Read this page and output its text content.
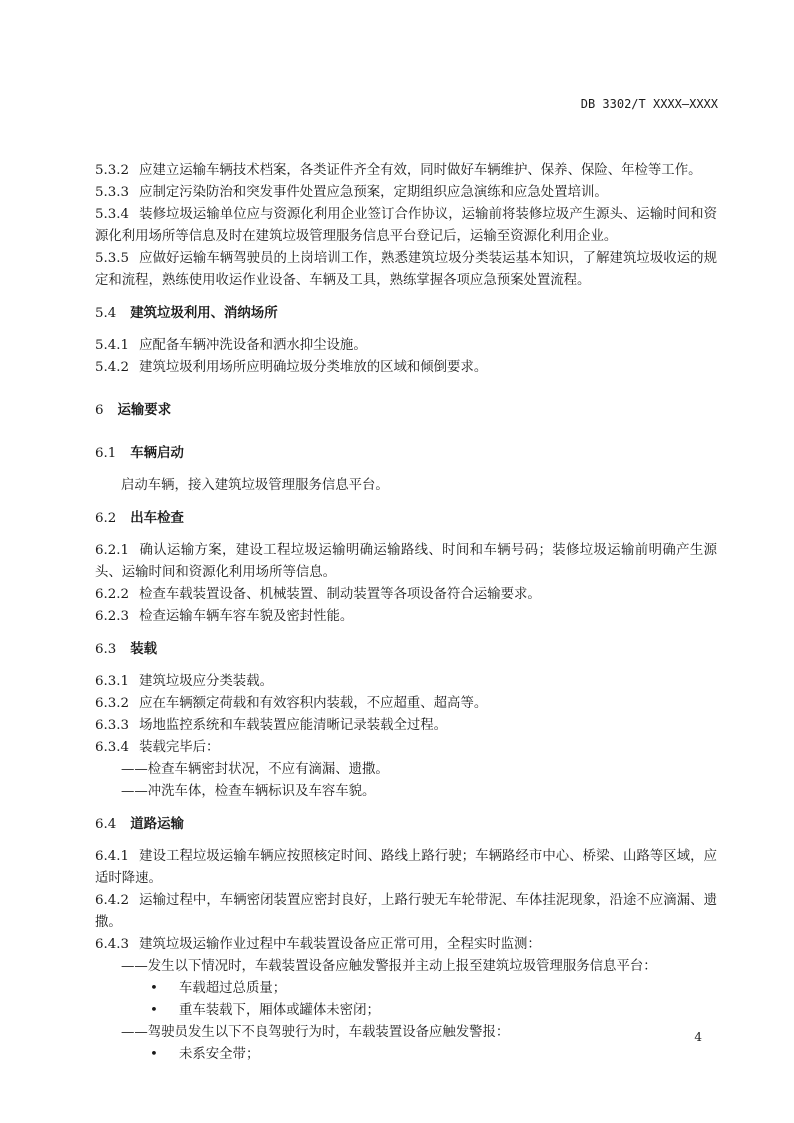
DB 3302/T XXXX—XXXX
5.3.2 应建立运输车辆技术档案，各类证件齐全有效，同时做好车辆维护、保养、保险、年检等工作。
5.3.3 应制定污染防治和突发事件处置应急预案，定期组织应急演练和应急处置培训。
5.3.4 装修垃圾运输单位应与资源化利用企业签订合作协议，运输前将装修垃圾产生源头、运输时间和资源化利用场所等信息及时在建筑垃圾管理服务信息平台登记后，运输至资源化利用企业。
5.3.5 应做好运输车辆驾驶员的上岗培训工作，熟悉建筑垃圾分类装运基本知识，了解建筑垃圾收运的规定和流程，熟练使用收运作业设备、车辆及工具，熟练掌握各项应急预案处置流程。
5.4 建筑垃圾利用、消纳场所
5.4.1 应配备车辆冲洗设备和洒水抑尘设施。
5.4.2 建筑垃圾利用场所应明确垃圾分类堆放的区域和倾倒要求。
6 运输要求
6.1 车辆启动
启动车辆，接入建筑垃圾管理服务信息平台。
6.2 出车检查
6.2.1 确认运输方案，建设工程垃圾运输明确运输路线、时间和车辆号码；装修垃圾运输前明确产生源头、运输时间和资源化利用场所等信息。
6.2.2 检查车载装置设备、机械装置、制动装置等各项设备符合运输要求。
6.2.3 检查运输车辆车容车貌及密封性能。
6.3 装载
6.3.1 建筑垃圾应分类装载。
6.3.2 应在车辆额定荷载和有效容积内装载，不应超重、超高等。
6.3.3 场地监控系统和车载装置应能清晰记录装载全过程。
6.3.4 装载完毕后：
——检查车辆密封状况，不应有滴漏、遗撒。
——冲洗车体，检查车辆标识及车容车貌。
6.4 道路运输
6.4.1 建设工程垃圾运输车辆应按照核定时间、路线上路行驶；车辆路经市中心、桥梁、山路等区域，应适时降速。
6.4.2 运输过程中，车辆密闭装置应密封良好，上路行驶无车轮带泥、车体挂泥现象，沿途不应滴漏、遗撒。
6.4.3 建筑垃圾运输作业过程中车载装置设备应正常可用，全程实时监测：
——发生以下情况时，车载装置设备应触发警报并主动上报至建筑垃圾管理服务信息平台：
• 车载超过总质量；
• 重车装载下，厢体或罐体未密闭；
——驾驶员发生以下不良驾驶行为时，车载装置设备应触发警报：
• 未系安全带；
4
